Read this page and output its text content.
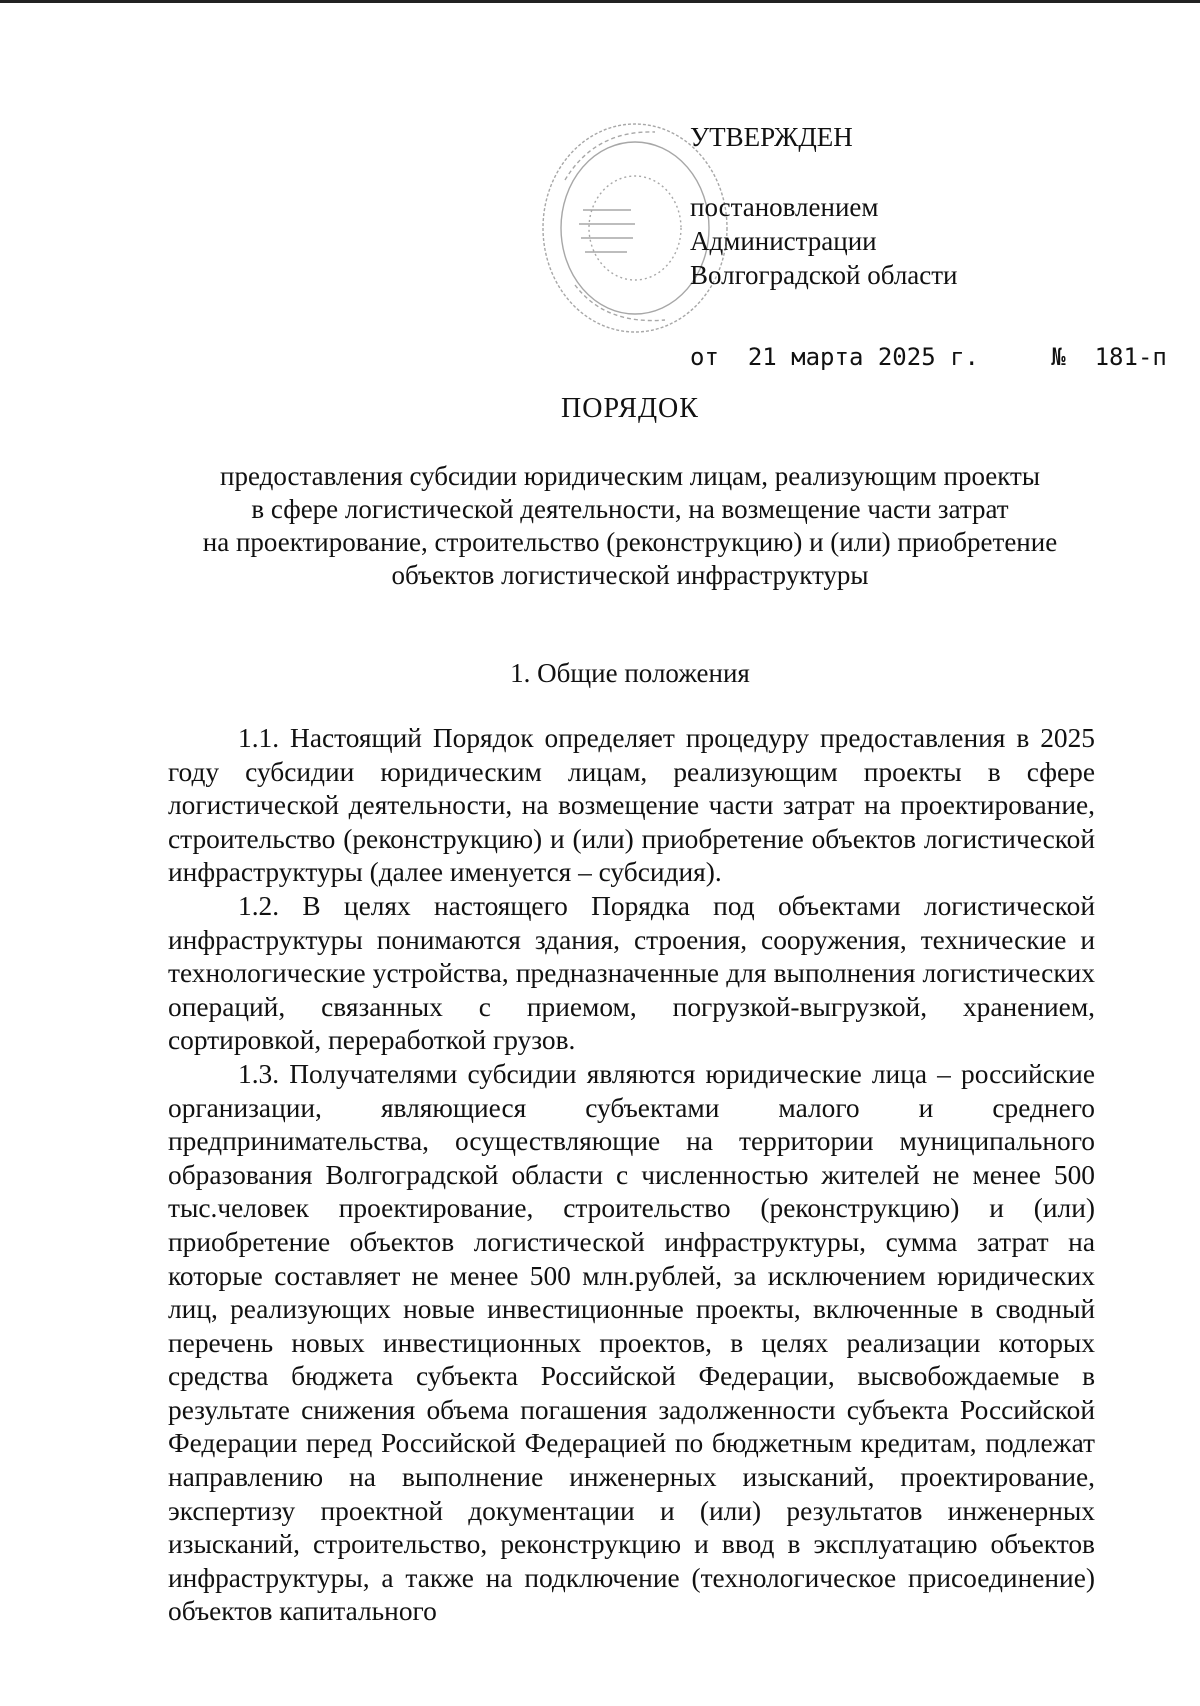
УТВЕРЖДЕН
постановлением
Администрации
Волгоградской области
от 21 марта 2025 г.	№ 181-п
ПОРЯДОК
предоставления субсидии юридическим лицам, реализующим проекты
в сфере логистической деятельности, на возмещение части затрат
на проектирование, строительство (реконструкцию) и (или) приобретение
объектов логистической инфраструктуры
1. Общие положения

1.1. Настоящий Порядок определяет процедуру предоставления в 2025 году субсидии юридическим лицам, реализующим проекты в сфере логистической деятельности, на возмещение части затрат на проектирование, строительство (реконструкцию) и (или) приобретение объектов логистической инфраструктуры (далее именуется – субсидия).

1.2. В целях настоящего Порядка под объектами логистической инфраструктуры понимаются здания, строения, сооружения, технические и технологические устройства, предназначенные для выполнения логистических операций, связанных с приемом, погрузкой-выгрузкой, хранением, сортировкой, переработкой грузов.

1.3. Получателями субсидии являются юридические лица – российские организации, являющиеся субъектами малого и среднего предпринимательства, осуществляющие на территории муниципального образования Волгоградской области с численностью жителей не менее 500 тыс.человек проектирование, строительство (реконструкцию) и (или) приобретение объектов логистической инфраструктуры, сумма затрат на которые составляет не менее 500 млн.рублей, за исключением юридических лиц, реализующих новые инвестиционные проекты, включенные в сводный перечень новых инвестиционных проектов, в целях реализации которых средства бюджета субъекта Российской Федерации, высвобождаемые в результате снижения объема погашения задолженности субъекта Российской Федерации перед Российской Федерацией по бюджетным кредитам, подлежат направлению на выполнение инженерных изысканий, проектирование, экспертизу проектной документации и (или) результатов инженерных изысканий, строительство, реконструкцию и ввод в эксплуатацию объектов инфраструктуры, а также на подключение (технологическое присоединение) объектов капитального
